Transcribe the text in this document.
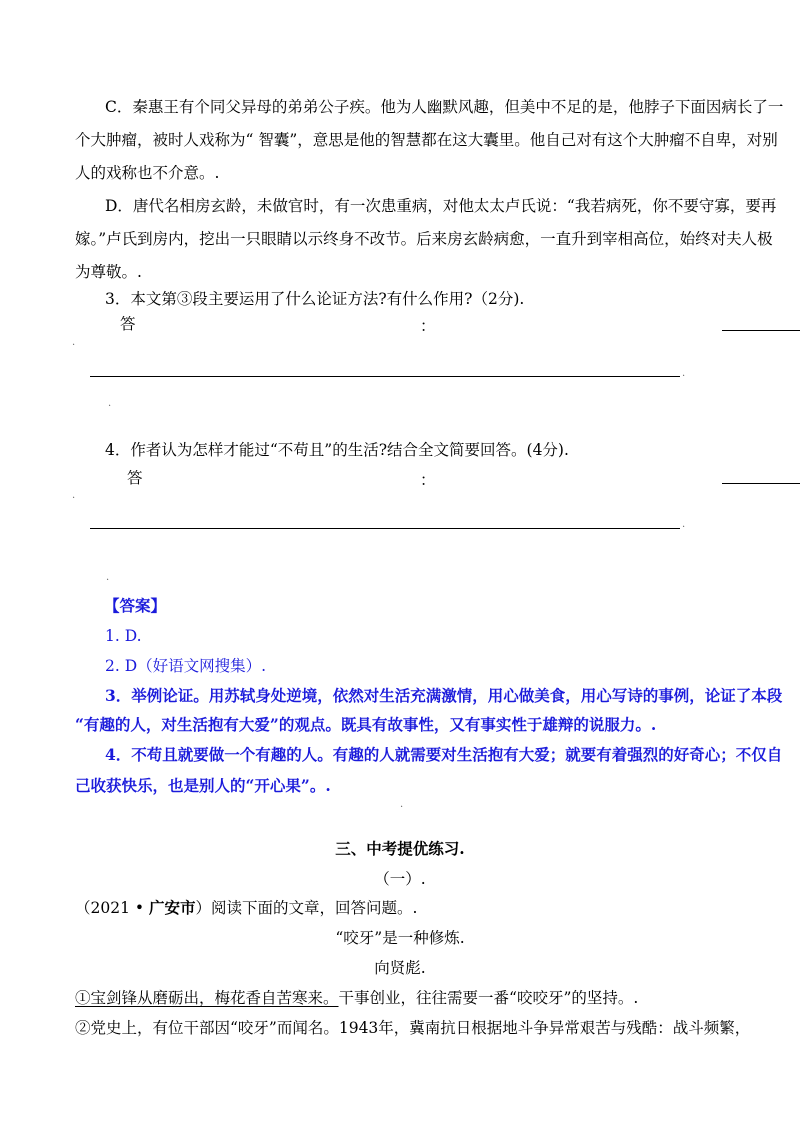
C．秦惠王有个同父异母的弟弟公子疾。他为人幽默风趣，但美中不足的是，他脖子下面因病长了一
个大肿瘤，被时人戏称为“ 智囊”，意思是他的智慧都在这大囊里。他自己对有这个大肿瘤不自卑，对别
人的戏称也不介意。.
D．唐代名相房玄龄，未做官时，有一次患重病，对他太太卢氏说：“我若病死，你不要守寡，要再
嫁。”卢氏到房内，挖出一只眼睛以示终身不改节。后来房玄龄病愈，一直升到宰相高位，始终对夫人极
为尊敬。.
3．本文第③段主要运用了什么论证方法?有什么作用?（2分).
答	：
.
.
.
4．作者认为怎样才能过“不苟且”的生活?结合全文简要回答。(4分).
答	：
.
.
.
【答案】
1. D.
2. D（好语文网搜集）.
3．举例论证。用苏轼身处逆境，依然对生活充满激情，用心做美食，用心写诗的事例，论证了本段
“有趣的人，对生活抱有大爱”的观点。既具有故事性，又有事实性于雄辩的说服力。.
4．不苟且就要做一个有趣的人。有趣的人就需要对生活抱有大爱；就要有着强烈的好奇心；不仅自
己收获快乐，也是别人的“开心果”。.
.
三、中考提优练习.
（一）.
（2021 • 广安市）阅读下面的文章，回答问题。.
“咬牙”是一种修炼.
向贤彪.
①宝剑锋从磨砺出，梅花香自苦寒来。干事创业，往往需要一番“咬咬牙”的坚持。.
②党史上，有位干部因“咬牙”而闻名。1943年，冀南抗日根据地斗争异常艰苦与残酷：战斗频繁，
